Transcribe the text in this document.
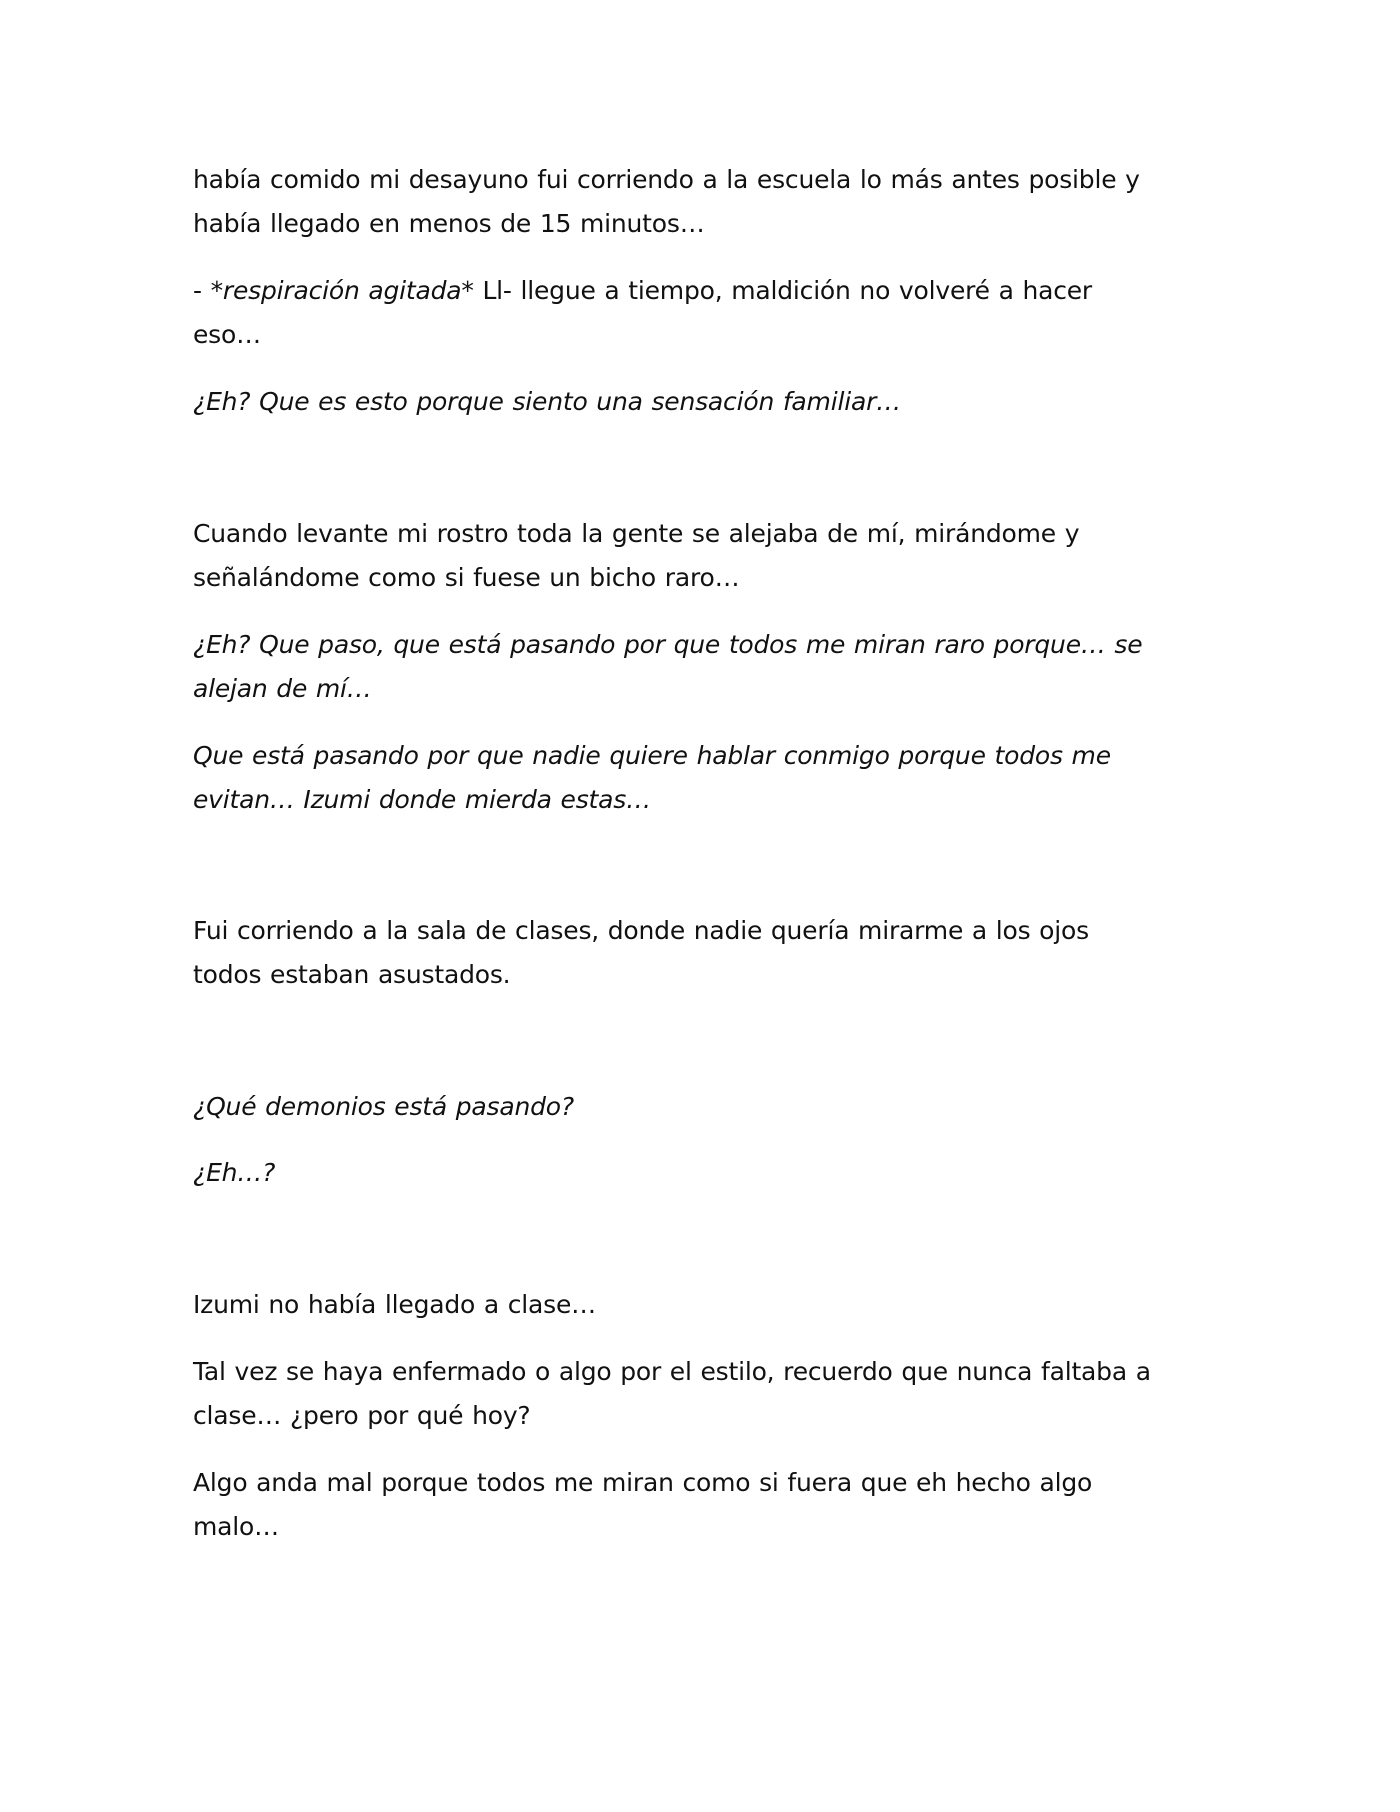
había comido mi desayuno fui corriendo a la escuela lo más antes posible y había llegado en menos de 15 minutos…

- *respiración agitada* Ll- llegue a tiempo, maldición no volveré a hacer eso…

¿Eh? Que es esto porque siento una sensación familiar…

Cuando levante mi rostro toda la gente se alejaba de mí, mirándome y señalándome como si fuese un bicho raro…

¿Eh? Que paso, que está pasando por que todos me miran raro porque… se alejan de mí…

Que está pasando por que nadie quiere hablar conmigo porque todos me evitan… Izumi donde mierda estas…

Fui corriendo a la sala de clases, donde nadie quería mirarme a los ojos todos estaban asustados.

¿Qué demonios está pasando?

¿Eh…?

Izumi no había llegado a clase…

Tal vez se haya enfermado o algo por el estilo, recuerdo que nunca faltaba a clase… ¿pero por qué hoy?

Algo anda mal porque todos me miran como si fuera que eh hecho algo malo…
